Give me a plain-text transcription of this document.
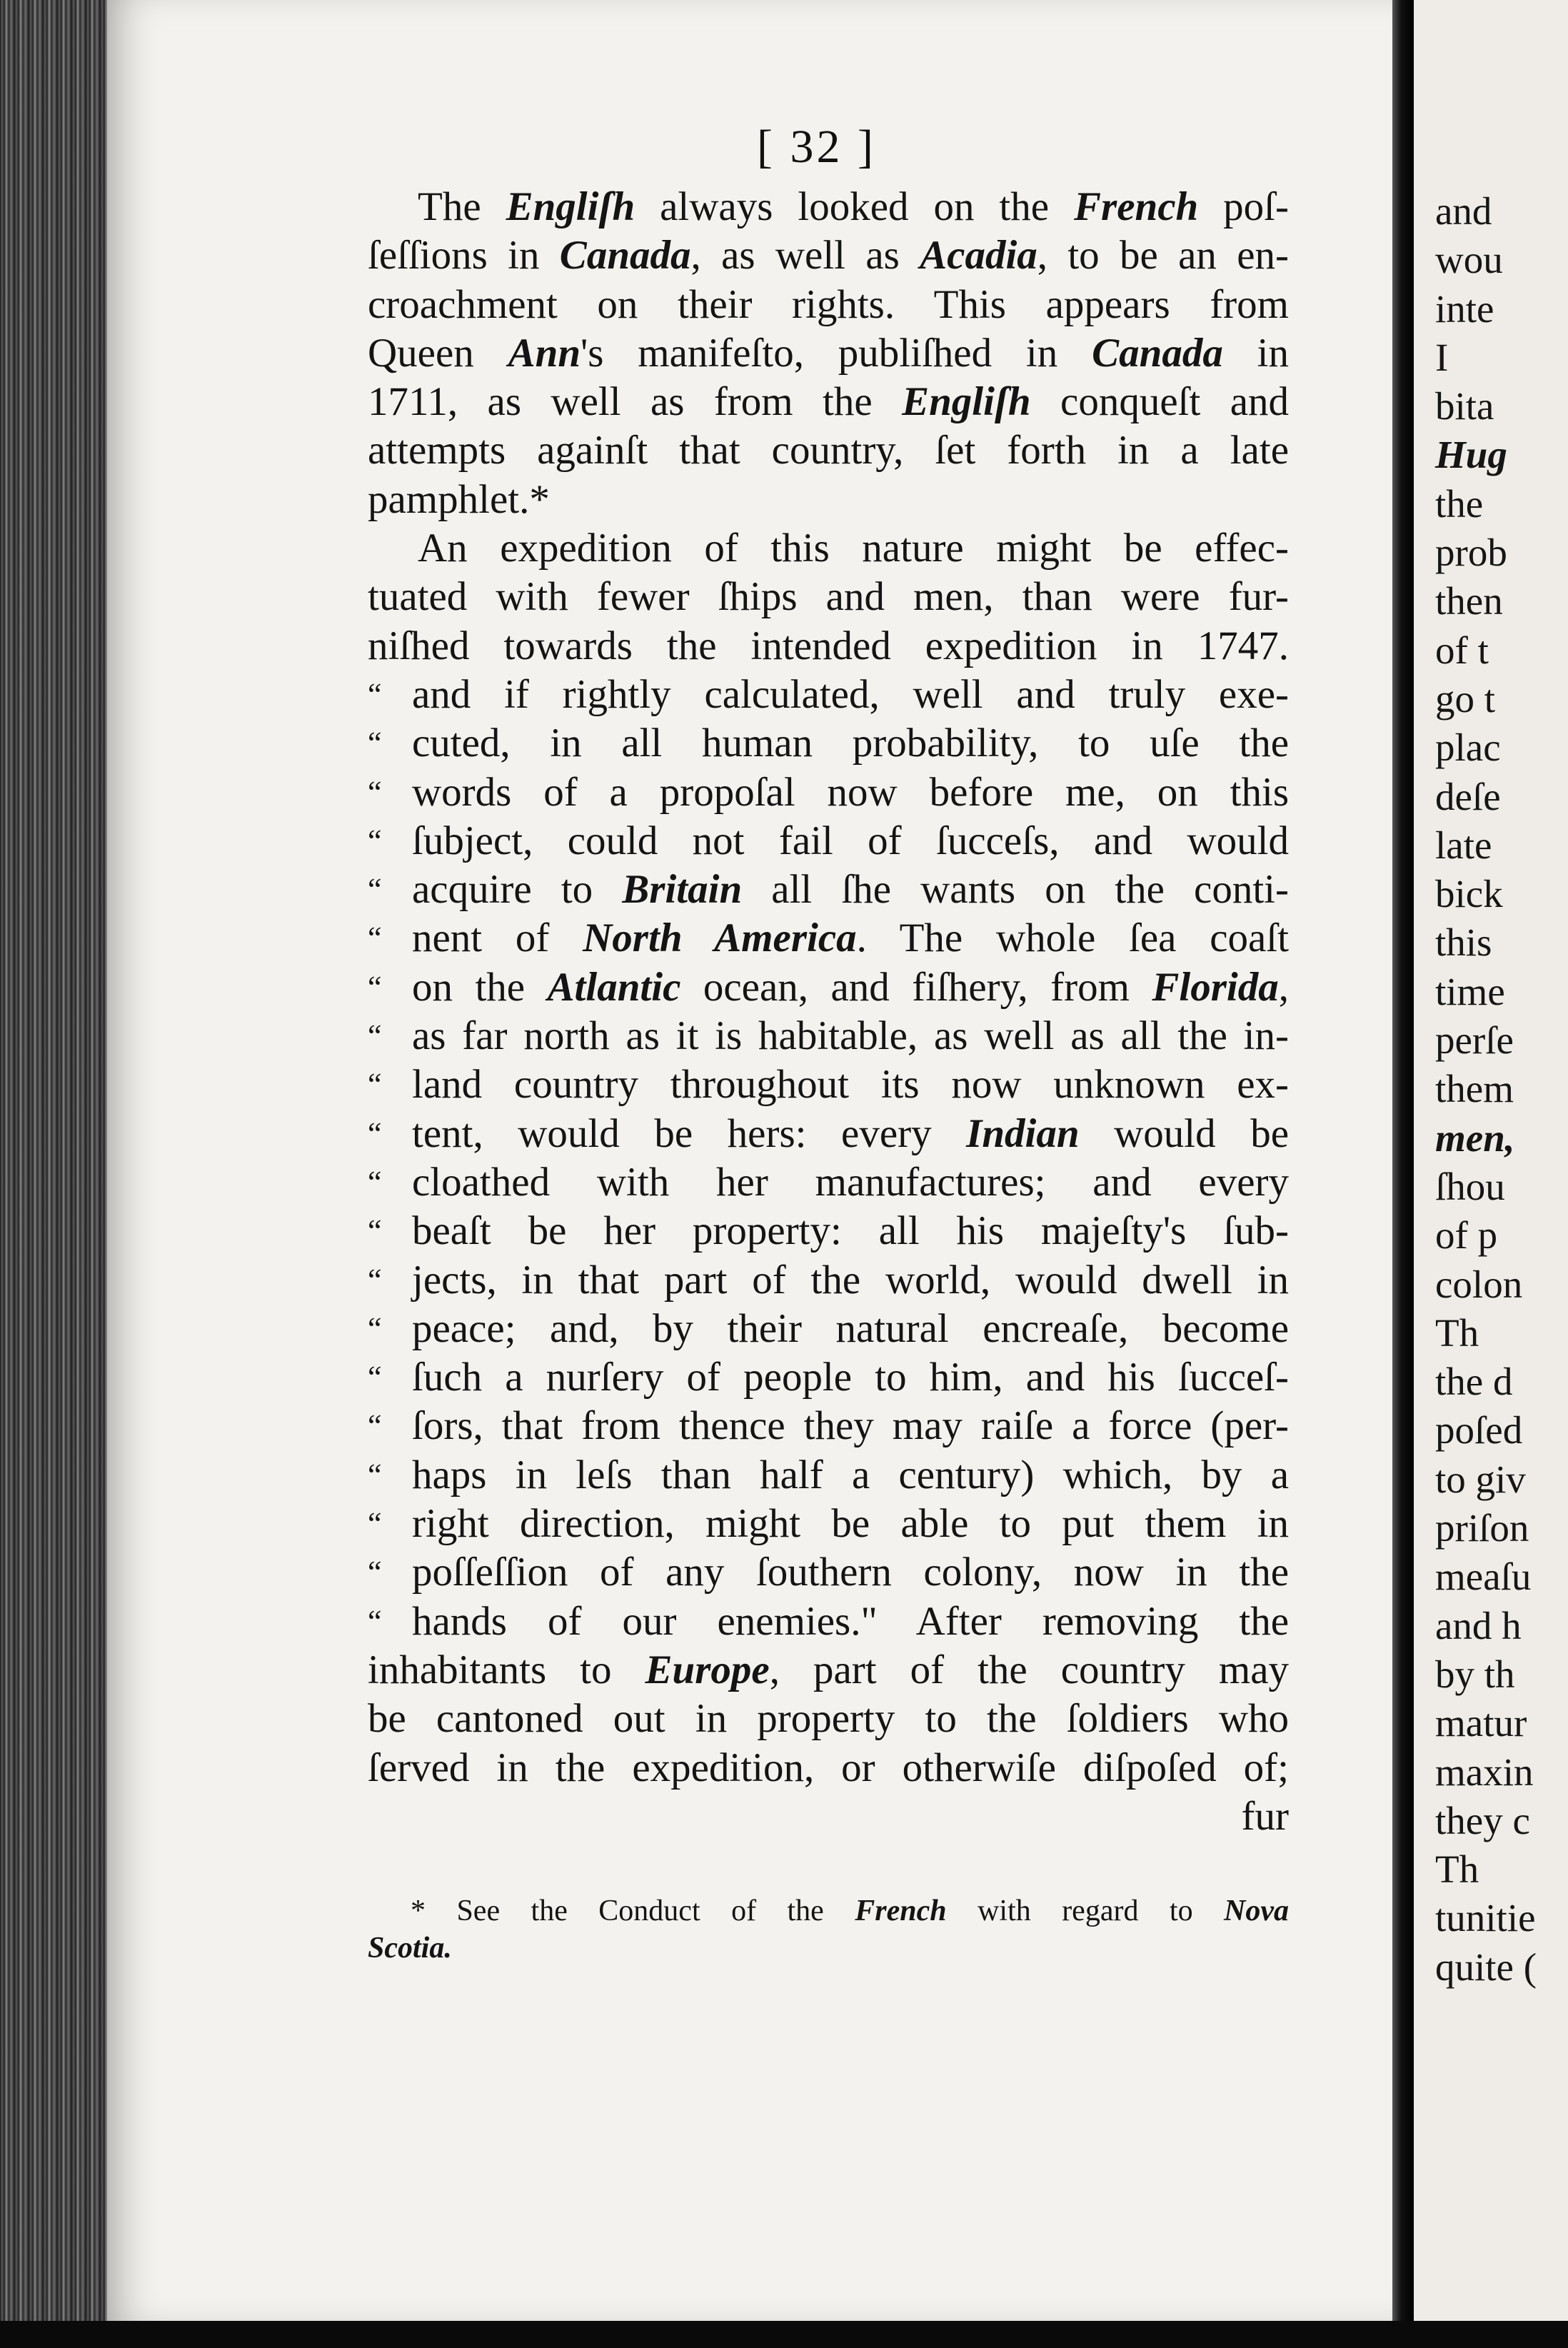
[ 32 ]
The Engliſh always looked on the French poſ-
ſeſſions in Canada, as well as Acadia, to be an en-
croachment on their rights. This appears from
Queen Ann's manifeſto, publiſhed in Canada in
1711, as well as from the Engliſh conqueſt and
attempts againſt that country, ſet forth in a late
pamphlet.*
An expedition of this nature might be effec-
tuated with fewer ſhips and men, than were fur-
niſhed towards the intended expedition in 1747.
“ and if rightly calculated, well and truly exe-
“ cuted, in all human probability, to uſe the
“ words of a propoſal now before me, on this
“ ſubject, could not fail of ſucceſs, and would
“ acquire to Britain all ſhe wants on the conti-
“ nent of North America. The whole ſea coaſt
“ on the Atlantic ocean, and fiſhery, from Florida,
“ as far north as it is habitable, as well as all the in-
“ land country throughout its now unknown ex-
“ tent, would be hers: every Indian would be
“ cloathed with her manufactures; and every
“ beaſt be her property: all his majeſty's ſub-
“ jects, in that part of the world, would dwell in
“ peace; and, by their natural encreaſe, become
“ ſuch a nurſery of people to him, and his ſucceſ-
“ ſors, that from thence they may raiſe a force (per-
“ haps in leſs than half a century) which, by a
“ right direction, might be able to put them in
“ poſſeſſion of any ſouthern colony, now in the
“ hands of our enemies." After removing the
inhabitants to Europe, part of the country may
be cantoned out in property to the ſoldiers who
ſerved in the expedition, or otherwiſe diſpoſed of;
fur
* See the Conduct of the French with regard to Nova
Scotia.
and
wou
inte
I
bita
Hug
the
prob
then
of t
go t
plac
deſe
late
bick
this
time
perſe
them
men,
ſhou
of p
colon
Th
the d
poſed
to giv
priſon
meaſu
and h
by th
matur
maxin
they c
Th
tunitie
quite (
